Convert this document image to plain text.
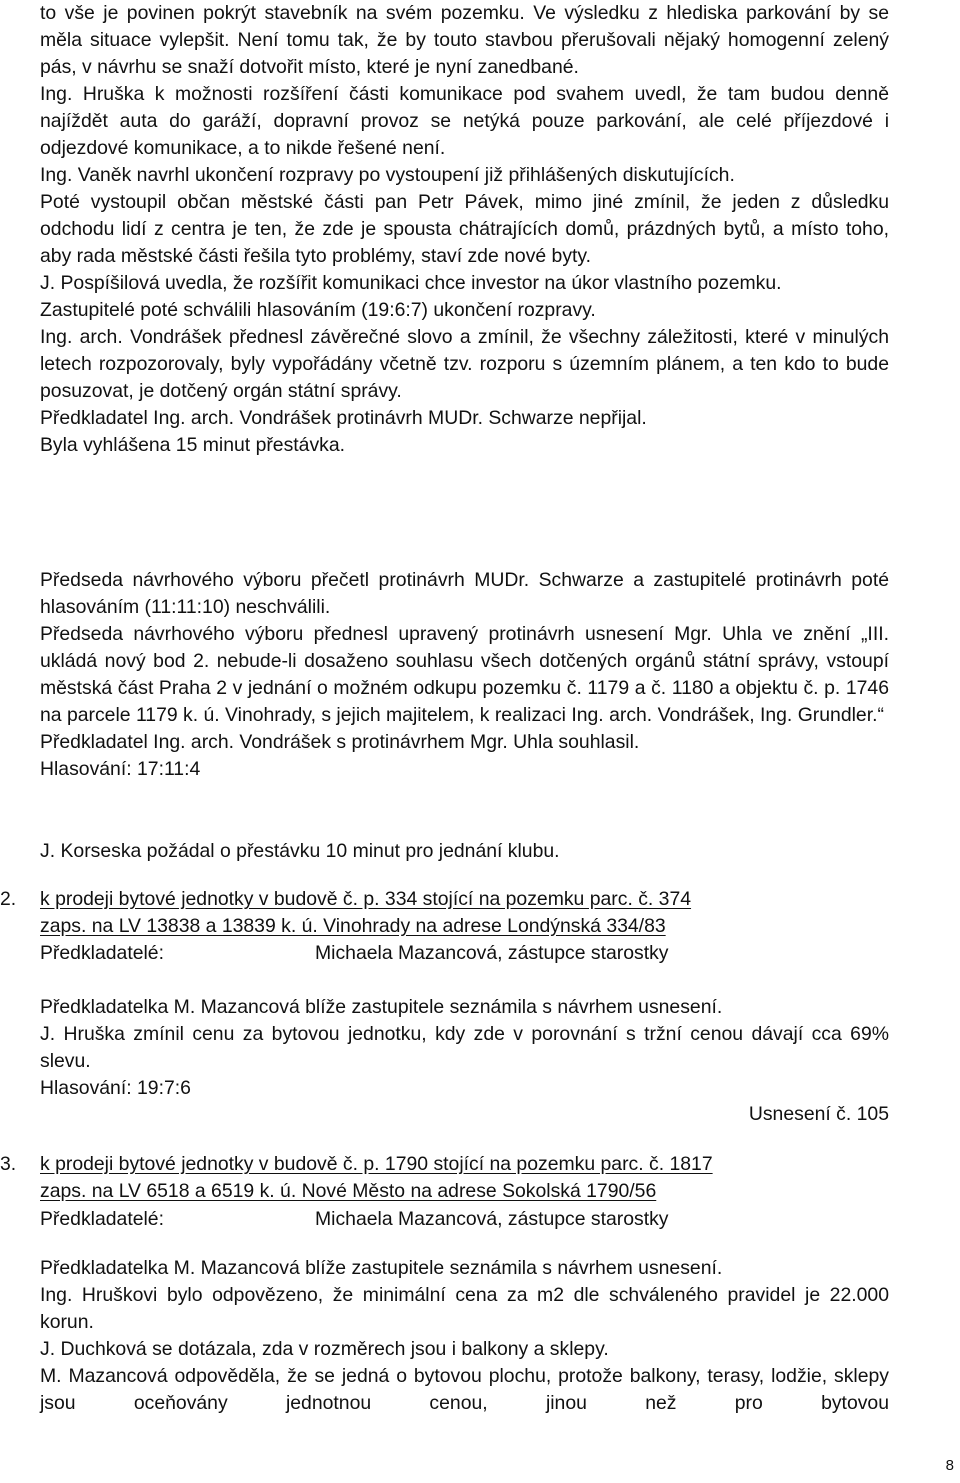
to vše je povinen pokrýt stavebník na svém pozemku. Ve výsledku z hlediska parkování by se měla situace vylepšit. Není tomu tak, že by touto stavbou přerušovali nějaký homogenní zelený pás, v návrhu se snaží dotvořit místo, které je nyní zanedbané.

Ing. Hruška k možnosti rozšíření části komunikace pod svahem uvedl, že tam budou denně najíždět auta do garáží, dopravní provoz se netýká pouze parkování, ale celé příjezdové i odjezdové komunikace, a to nikde řešené není.

Ing. Vaněk navrhl ukončení rozpravy po vystoupení již přihlášených diskutujících.

Poté vystoupil občan městské části pan Petr Pávek, mimo jiné zmínil, že jeden z důsledku odchodu lidí z centra je ten, že zde je spousta chátrajících domů, prázdných bytů, a místo toho, aby rada městské části řešila tyto problémy, staví zde nové byty.

J. Pospíšilová uvedla, že rozšířit komunikaci chce investor na úkor vlastního pozemku.

Zastupitelé poté schválili hlasováním (19:6:7) ukončení rozpravy.

Ing. arch. Vondrášek přednesl závěrečné slovo a zmínil, že všechny záležitosti, které v minulých letech rozpozorovaly, byly vypořádány včetně tzv. rozporu s územním plánem, a ten kdo to bude posuzovat, je dotčený orgán státní správy.

Předkladatel Ing. arch. Vondrášek protinávrh MUDr. Schwarze nepřijal.

Byla vyhlášena 15 minut přestávka.

Předseda návrhového výboru přečetl protinávrh MUDr. Schwarze a zastupitelé protinávrh poté hlasováním (11:11:10) neschválili.

Předseda návrhového výboru přednesl upravený protinávrh usnesení Mgr. Uhla ve znění „III. ukládá nový bod 2. nebude-li dosaženo souhlasu všech dotčených orgánů státní správy, vstoupí městská část Praha 2 v jednání o možném odkupu pozemku č. 1179 a č. 1180 a objektu č. p. 1746 na parcele 1179 k. ú. Vinohrady, s jejich majitelem, k realizaci Ing. arch. Vondrášek, Ing. Grundler.“

Předkladatel Ing. arch. Vondrášek s protinávrhem Mgr. Uhla souhlasil.

Hlasování: 17:11:4

J. Korseska požádal o přestávku 10 minut pro jednání klubu.

2.	k prodeji bytové jednotky v budově č. p. 334 stojící na pozemku parc. č. 374
zaps. na LV 13838 a 13839 k. ú. Vinohrady na adrese Londýnská 334/83
Předkladatelé:	Michaela Mazancová, zástupce starostky

Předkladatelka M. Mazancová blíže zastupitele seznámila s návrhem usnesení.

J. Hruška zmínil cenu za bytovou jednotku, kdy zde v porovnání s tržní cenou dávají cca 69% slevu.

Hlasování: 19:7:6

Usnesení č. 105
3.	k prodeji bytové jednotky v budově č. p. 1790 stojící na pozemku parc. č. 1817
zaps. na LV 6518 a 6519 k. ú. Nové Město na adrese Sokolská 1790/56
Předkladatelé:	Michaela Mazancová, zástupce starostky

Předkladatelka M. Mazancová blíže zastupitele seznámila s návrhem usnesení.

Ing. Hruškovi bylo odpovězeno, že minimální cena za m2 dle schváleného pravidel je 22.000 korun.

J. Duchková se dotázala, zda v rozměrech jsou i balkony a sklepy.

M. Mazancová odpověděla, že se jedná o bytovou plochu, protože balkony, terasy, lodžie, sklepy jsou oceňovány jednotnou cenou, jinou než pro bytovou

8
